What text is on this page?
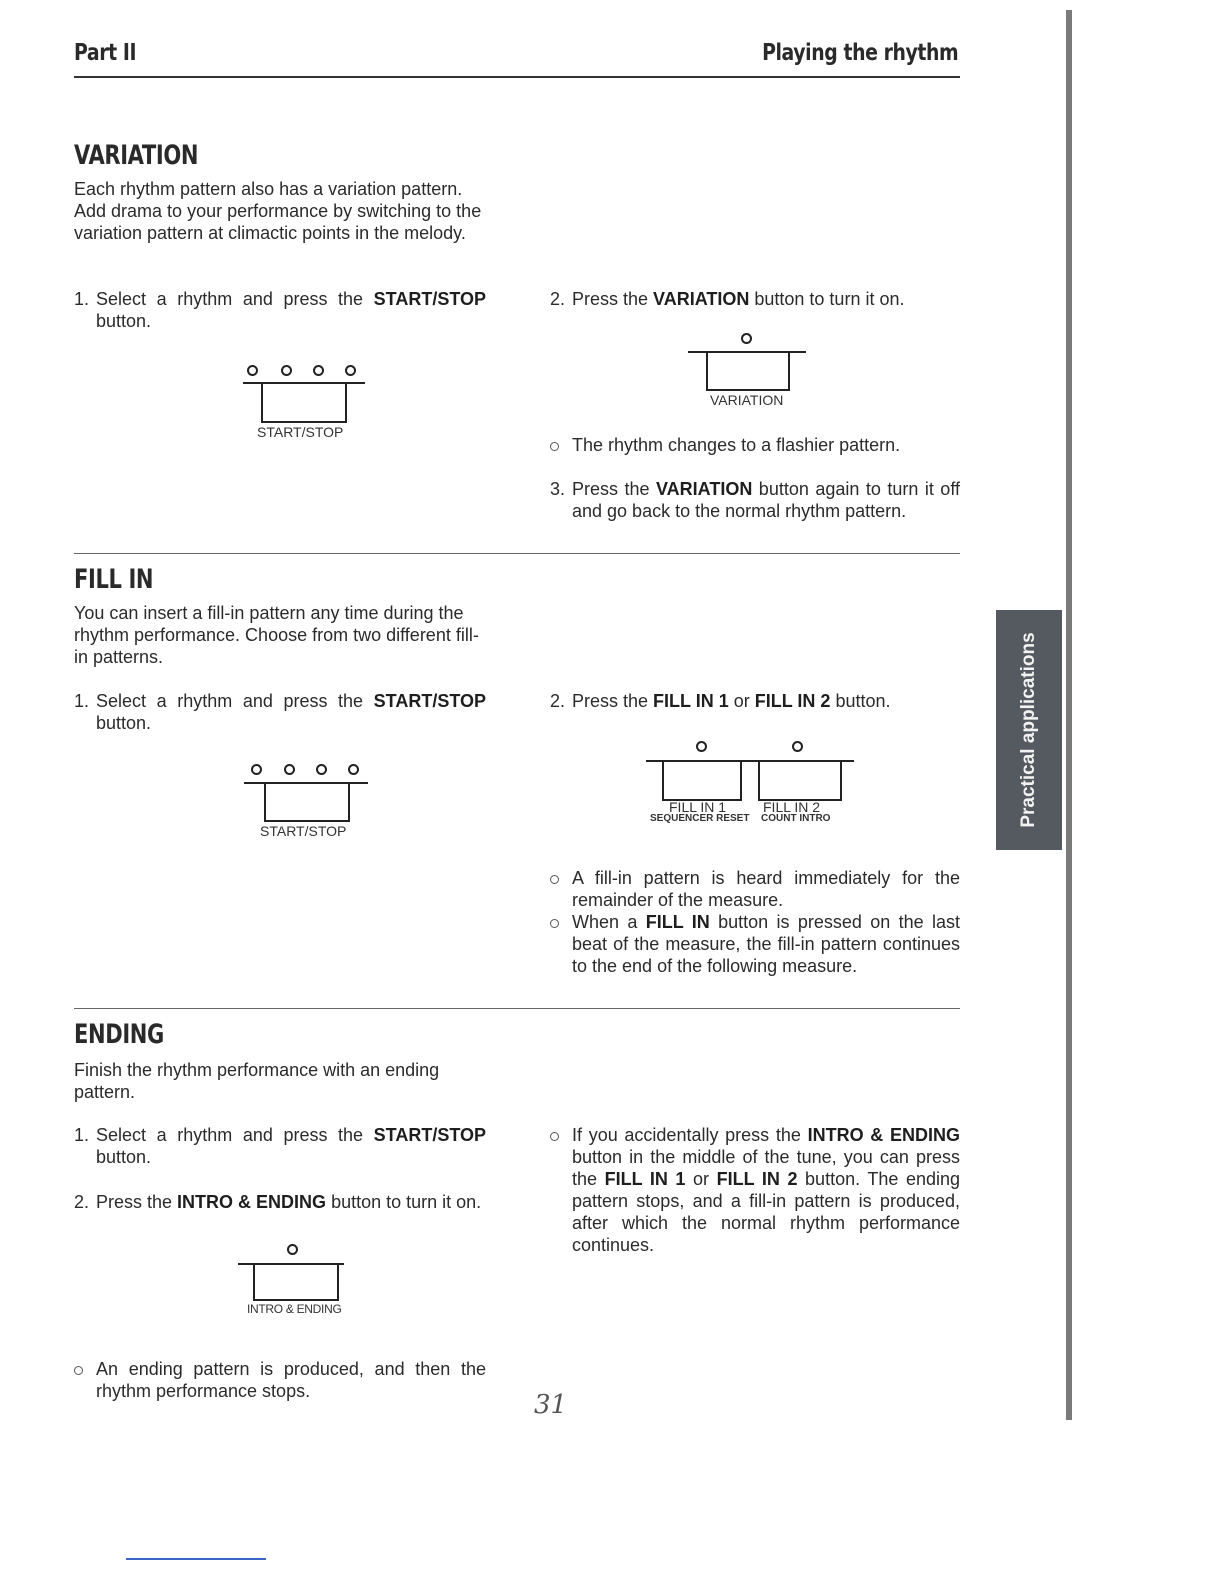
Part II	Playing the rhythm
Practical applications
VARIATION
Each rhythm pattern also has a variation pattern. Add drama to your performance by switching to the variation pattern at climactic points in the melody.
1. Select a rhythm and press the START/STOP button.
START/STOP
2. Press the VARIATION button to turn it on.
VARIATION
The rhythm changes to a flashier pattern.
3. Press the VARIATION button again to turn it off and go back to the normal rhythm pattern.
FILL IN
You can insert a fill-in pattern any time during the rhythm performance. Choose from two different fill-in patterns.
1. Select a rhythm and press the START/STOP button.
START/STOP
2. Press the FILL IN 1 or FILL IN 2 button.
FILL IN 1	FILL IN 2
SEQUENCER RESET COUNT INTRO
A fill-in pattern is heard immediately for the remainder of the measure.
When a FILL IN button is pressed on the last beat of the measure, the fill-in pattern continues to the end of the following measure.
ENDING
Finish the rhythm performance with an ending pattern.
1. Select a rhythm and press the START/STOP button.
2. Press the INTRO & ENDING button to turn it on.
INTRO & ENDING
An ending pattern is produced, and then the rhythm performance stops.
If you accidentally press the INTRO & ENDING button in the middle of the tune, you can press the FILL IN 1 or FILL IN 2 button. The ending pattern stops, and a fill-in pattern is produced, after which the normal rhythm performance continues.
31
